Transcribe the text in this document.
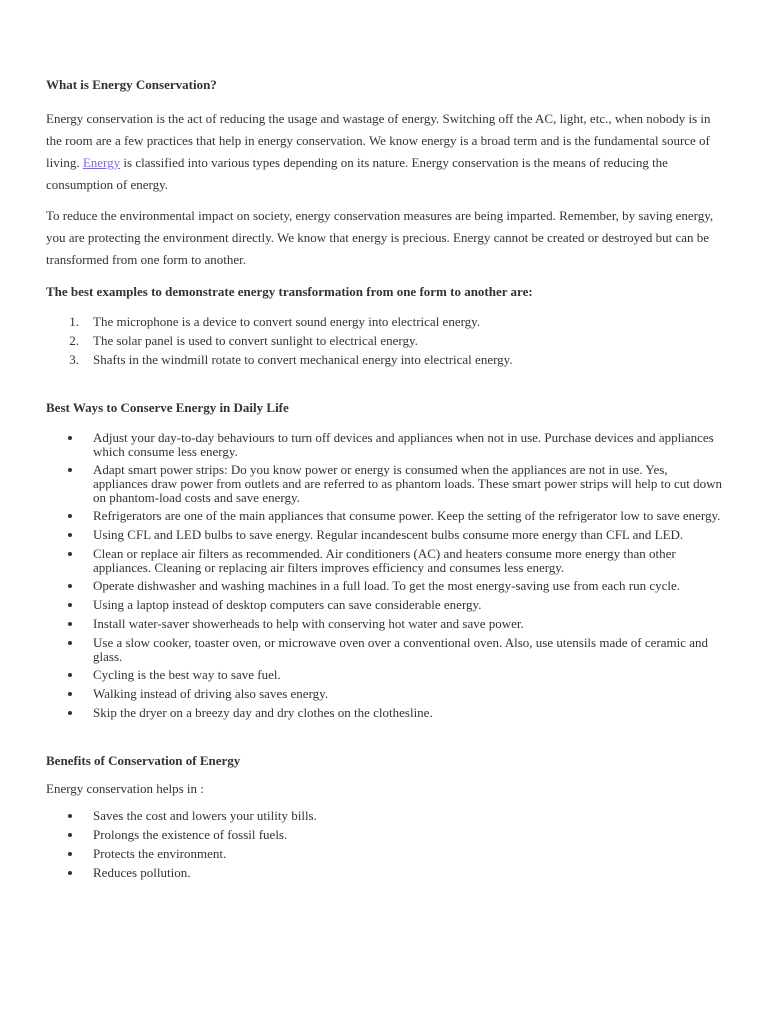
What is Energy Conservation?

Energy conservation is the act of reducing the usage and wastage of energy. Switching off the AC, light, etc., when nobody is in the room are a few practices that help in energy conservation. We know energy is a broad term and is the fundamental source of living. Energy is classified into various types depending on its nature. Energy conservation is the means of reducing the consumption of energy.

To reduce the environmental impact on society, energy conservation measures are being imparted. Remember, by saving energy, you are protecting the environment directly. We know that energy is precious. Energy cannot be created or destroyed but can be transformed from one form to another.

The best examples to demonstrate energy transformation from one form to another are:
1. The microphone is a device to convert sound energy into electrical energy.
2. The solar panel is used to convert sunlight to electrical energy.
3. Shafts in the windmill rotate to convert mechanical energy into electrical energy.
Best Ways to Conserve Energy in Daily Life
Adjust your day-to-day behaviours to turn off devices and appliances when not in use. Purchase devices and appliances which consume less energy.
Adapt smart power strips: Do you know power or energy is consumed when the appliances are not in use. Yes, appliances draw power from outlets and are referred to as phantom loads. These smart power strips will help to cut down on phantom-load costs and save energy.
Refrigerators are one of the main appliances that consume power. Keep the setting of the refrigerator low to save energy.
Using CFL and LED bulbs to save energy. Regular incandescent bulbs consume more energy than CFL and LED.
Clean or replace air filters as recommended. Air conditioners (AC) and heaters consume more energy than other appliances. Cleaning or replacing air filters improves efficiency and consumes less energy.
Operate dishwasher and washing machines in a full load. To get the most energy-saving use from each run cycle.
Using a laptop instead of desktop computers can save considerable energy.
Install water-saver showerheads to help with conserving hot water and save power.
Use a slow cooker, toaster oven, or microwave oven over a conventional oven. Also, use utensils made of ceramic and glass.
Cycling is the best way to save fuel.
Walking instead of driving also saves energy.
Skip the dryer on a breezy day and dry clothes on the clothesline.
Benefits of Conservation of Energy

Energy conservation helps in :

Saves the cost and lowers your utility bills.
Prolongs the existence of fossil fuels.
Protects the environment.
Reduces pollution.
